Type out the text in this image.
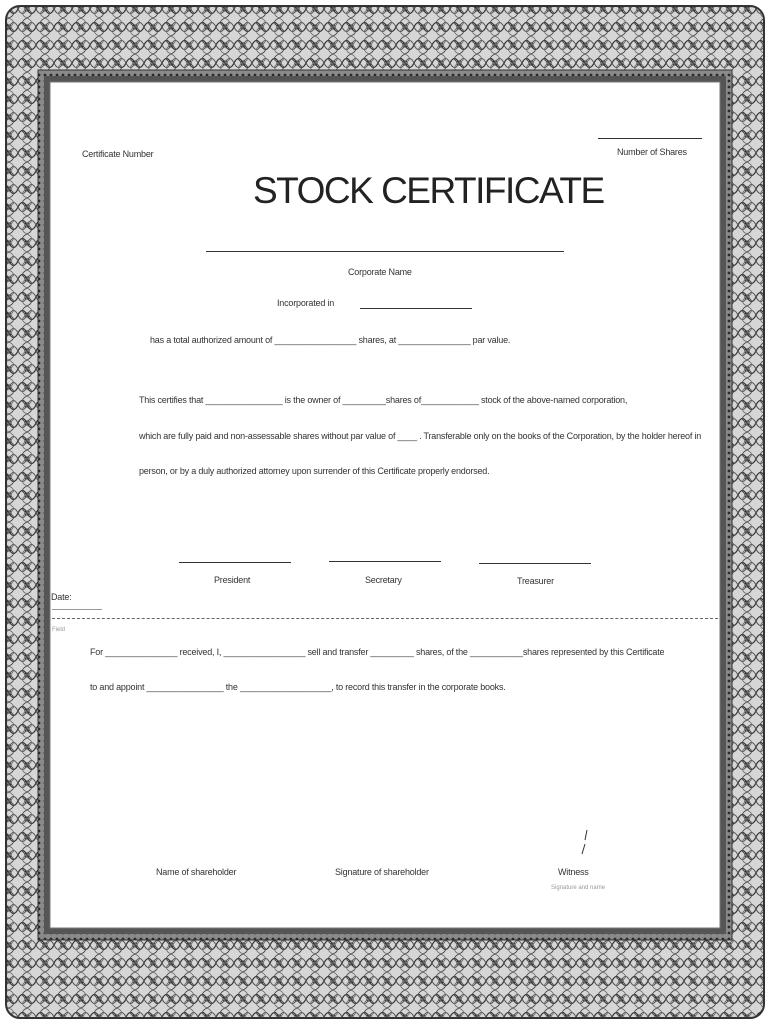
Certificate Number	Number of Shares
STOCK CERTIFICATE
Corporate Name
Incorporated in
has a total authorized amount of _________________ shares, at _______________ par value.
This certifies that ________________ is the owner of _________shares of____________ stock of the above-named corporation,
which are fully paid and non-assessable shares without par value of ____ . Transferable only on the books of the Corporation, by the holder hereof in
person, or by a duly authorized attorney upon surrender of this Certificate properly endorsed.
President	Secretary	Treasurer
Date:
Field
For _______________ received, I, _________________ sell and transfer _________ shares, of the ___________shares represented by this Certificate
to and appoint ________________ the ___________________, to record this transfer in the corporate books.
Name of shareholder	Signature of shareholder	Witness
Signature and name
